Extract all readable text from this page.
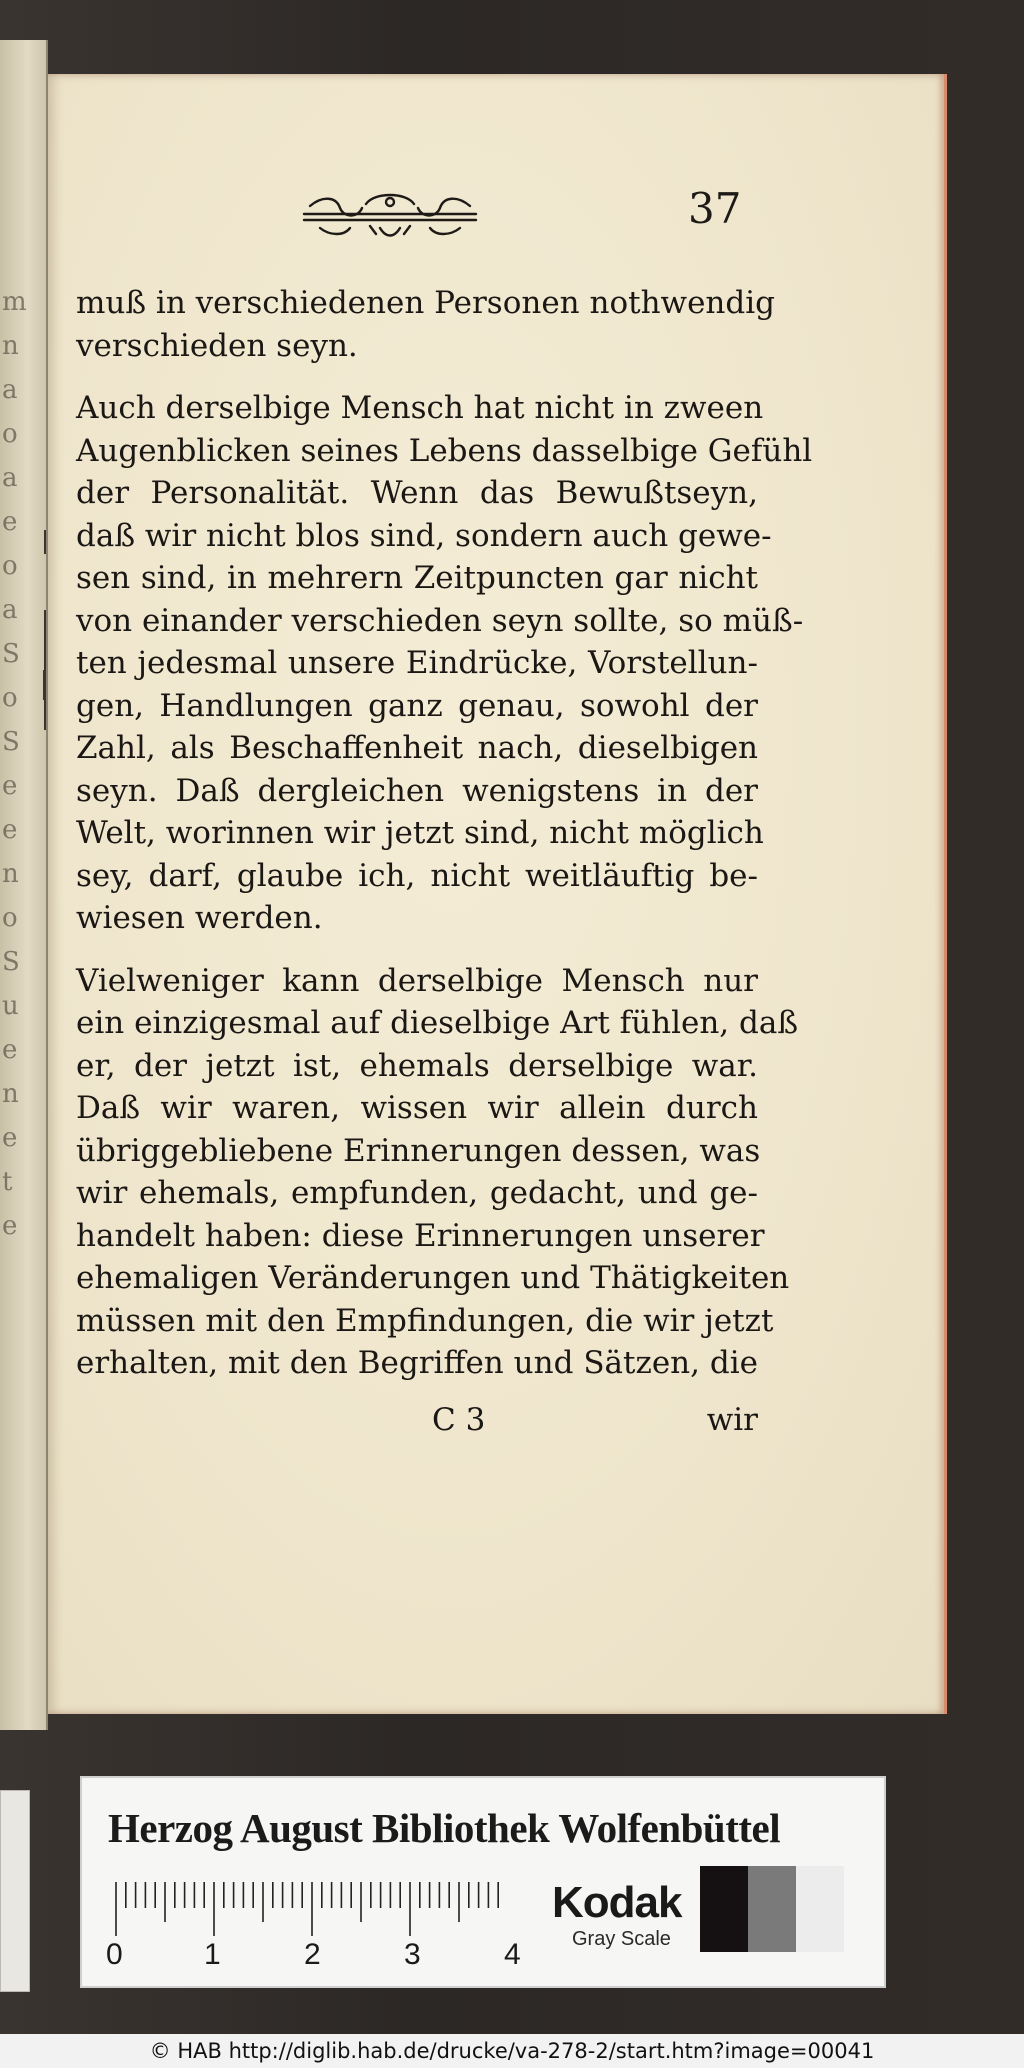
m
n
a
o
a
e
o
a
S
o
S
e
e
n
o
S
u
e
n
e
t
e
37
muß in verschiedenen Personen nothwendig
verschieden seyn.
Auch derselbige Mensch hat nicht in zween
Augenblicken seines Lebens dasselbige Gefühl
der Personalität. Wenn das Bewußtseyn,
daß wir nicht blos sind, sondern auch gewe-
sen sind, in mehrern Zeitpuncten gar nicht
von einander verschieden seyn sollte, so müß-
ten jedesmal unsere Eindrücke, Vorstellun-
gen, Handlungen ganz genau, sowohl der
Zahl, als Beschaffenheit nach, dieselbigen
seyn. Daß dergleichen wenigstens in der
Welt, worinnen wir jetzt sind, nicht möglich
sey, darf, glaube ich, nicht weitläuftig be-
wiesen werden.
Vielweniger kann derselbige Mensch nur
ein einzigesmal auf dieselbige Art fühlen, daß
er, der jetzt ist, ehemals derselbige war.
Daß wir waren, wissen wir allein durch
übriggebliebene Erinnerungen dessen, was
wir ehemals, empfunden, gedacht, und ge-
handelt haben: diese Erinnerungen unserer
ehemaligen Veränderungen und Thätigkeiten
müssen mit den Empfindungen, die wir jetzt
erhalten, mit den Begriffen und Sätzen, die
C 3	wir
Herzog August Bibliothek Wolfenbüttel
0	1	2	3	4
Kodak
Gray Scale
© HAB http://diglib.hab.de/drucke/va-278-2/start.htm?image=00041
